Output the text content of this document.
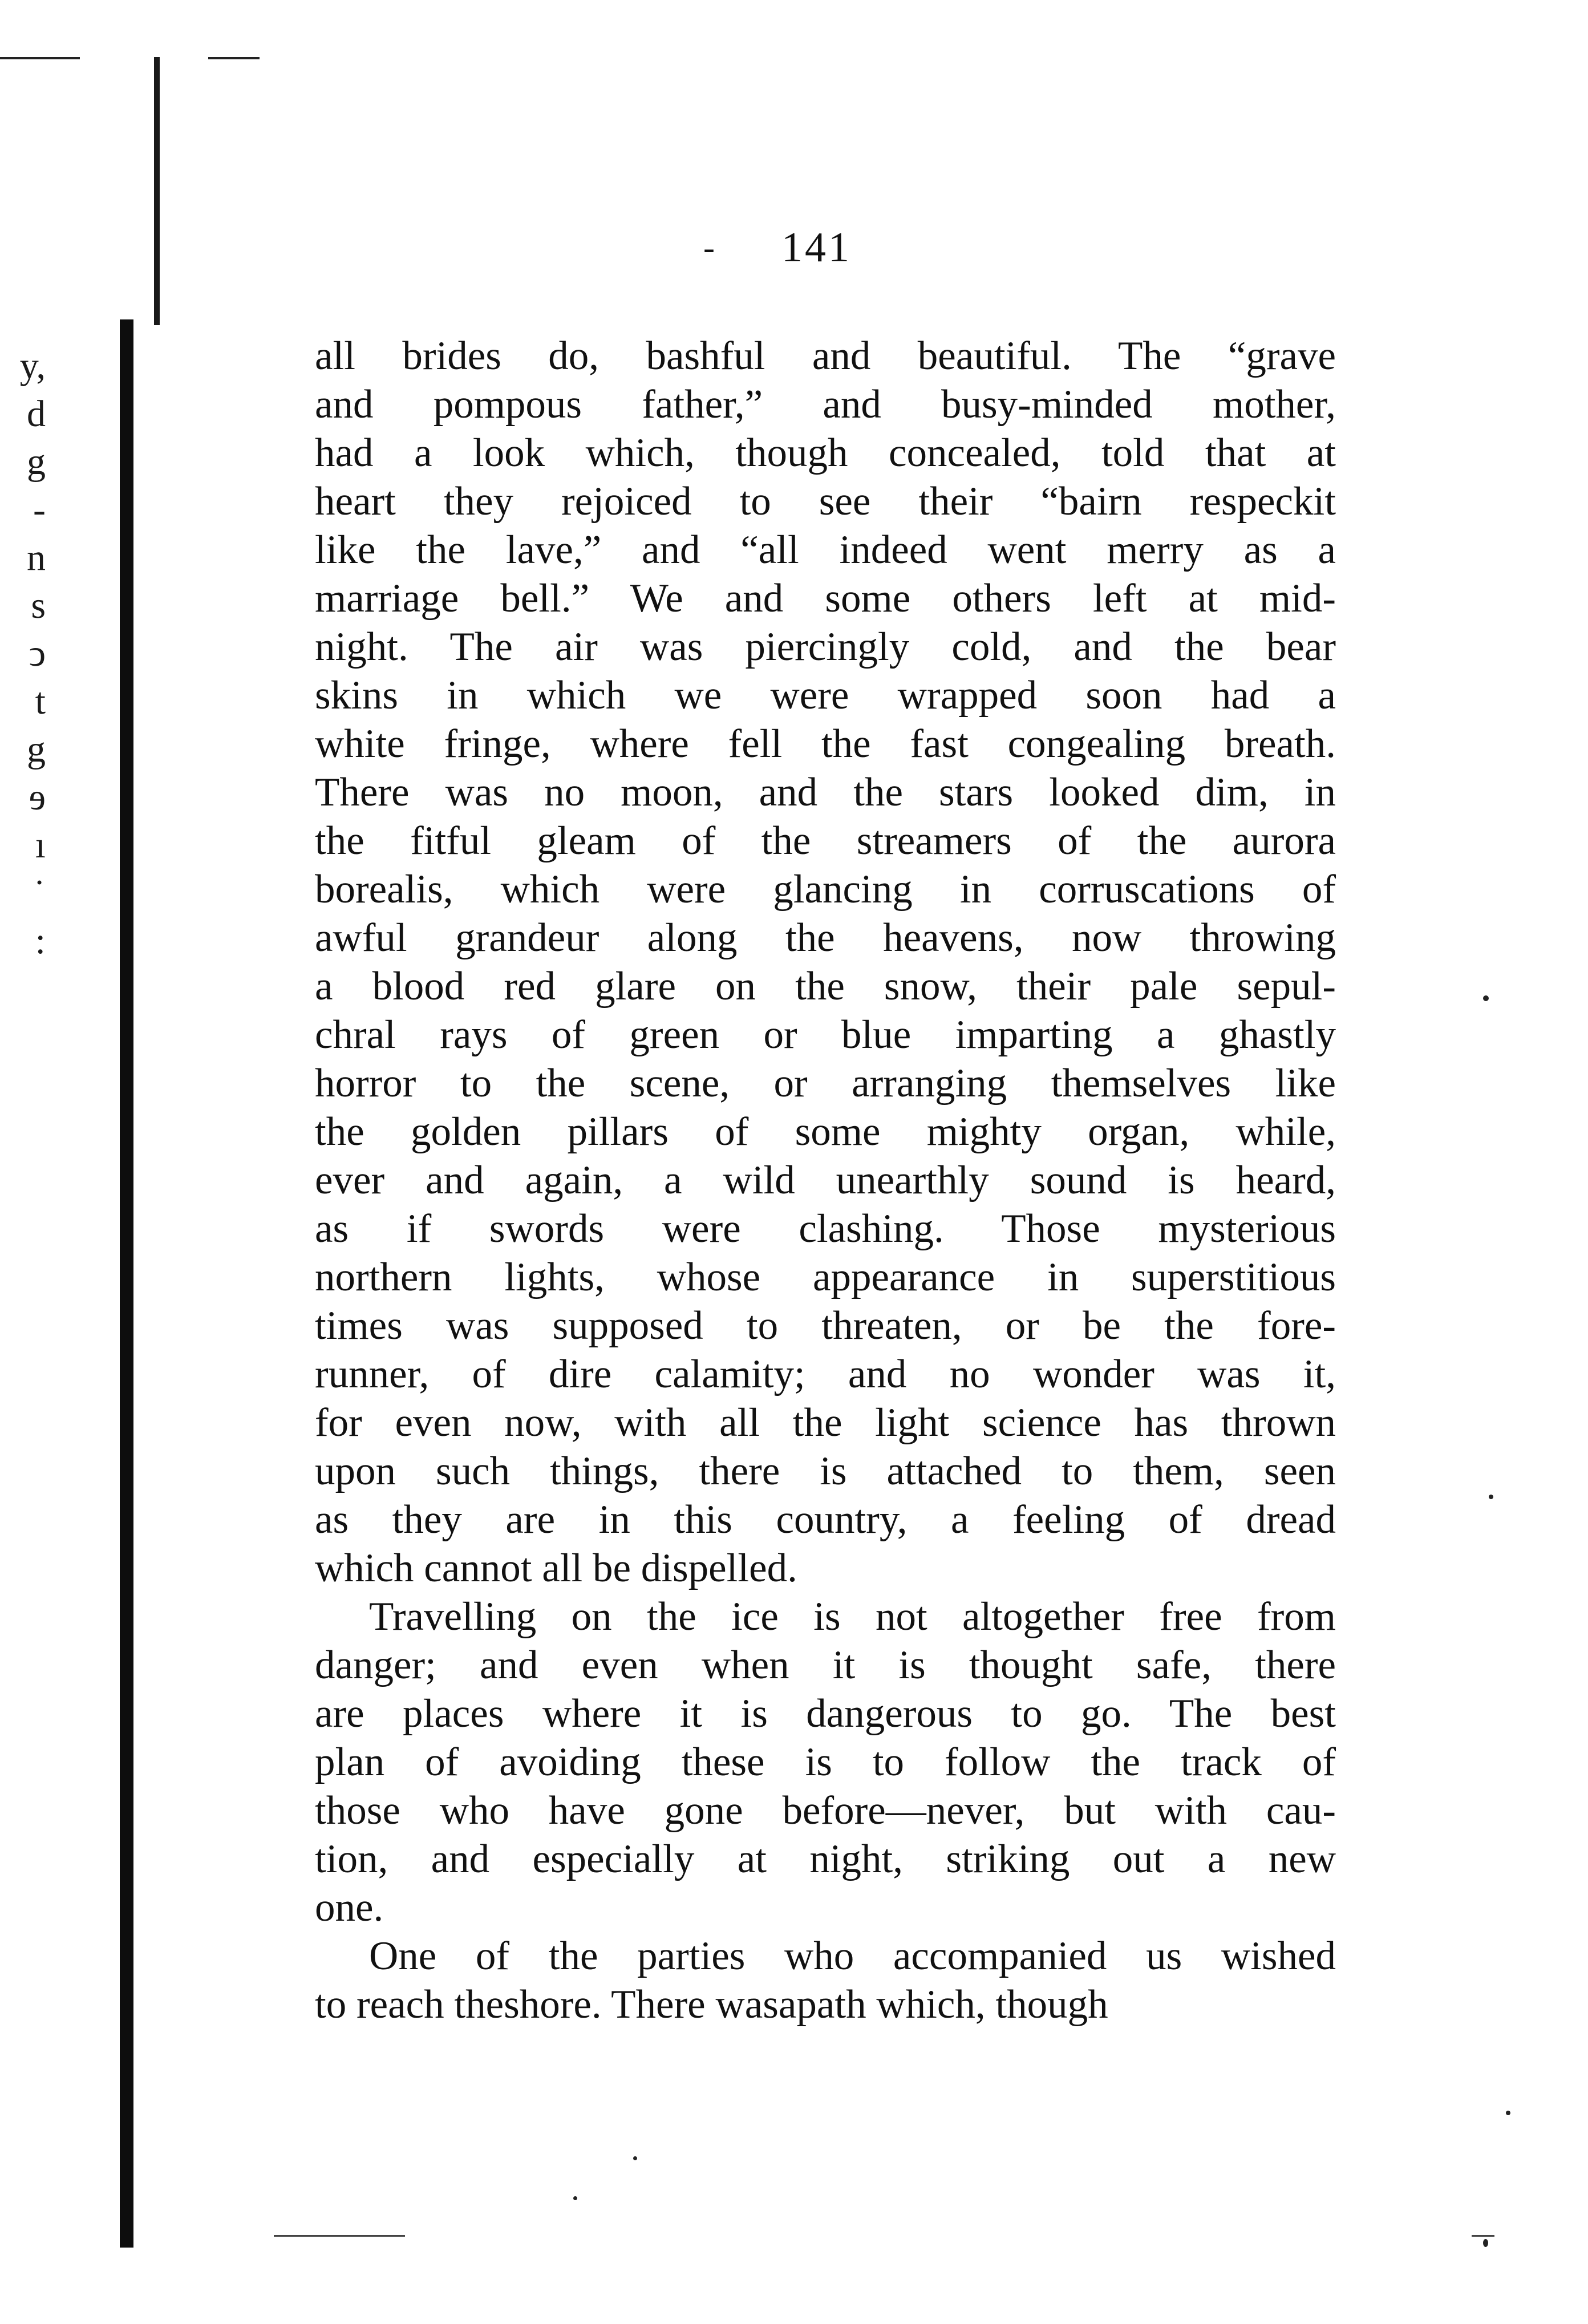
y,
d
g
-
n
s
ↄ
t
g
ɘ
ı
˙
:
- 141
all brides do, bashful and beautiful. The “grave
and pompous father,” and busy-minded mother,
had a look which, though concealed, told that at
heart they rejoiced to see their “bairn respeckit
like the lave,” and “all indeed went merry as a
marriage bell.” We and some others left at mid-
night. The air was piercingly cold, and the bear
skins in which we were wrapped soon had a
white fringe, where fell the fast congealing breath.
There was no moon, and the stars looked dim, in
the fitful gleam of the streamers of the aurora
borealis, which were glancing in corruscations of
awful grandeur along the heavens, now throwing
a blood red glare on the snow, their pale sepul-
chral rays of green or blue imparting a ghastly
horror to the scene, or arranging themselves like
the golden pillars of some mighty organ, while,
ever and again, a wild unearthly sound is heard,
as if swords were clashing. Those mysterious
northern lights, whose appearance in superstitious
times was supposed to threaten, or be the fore-
runner, of dire calamity; and no wonder was it,
for even now, with all the light science has thrown
upon such things, there is attached to them, seen
as they are in this country, a feeling of dread
which cannot all be dispelled.
Travelling on the ice is not altogether free from
danger; and even when it is thought safe, there
are places where it is dangerous to go. The best
plan of avoiding these is to follow the track of
those who have gone before—never, but with cau-
tion, and especially at night, striking out a new
one.
One of the parties who accompanied us wished
to reach theshore. There wasapath which, though
